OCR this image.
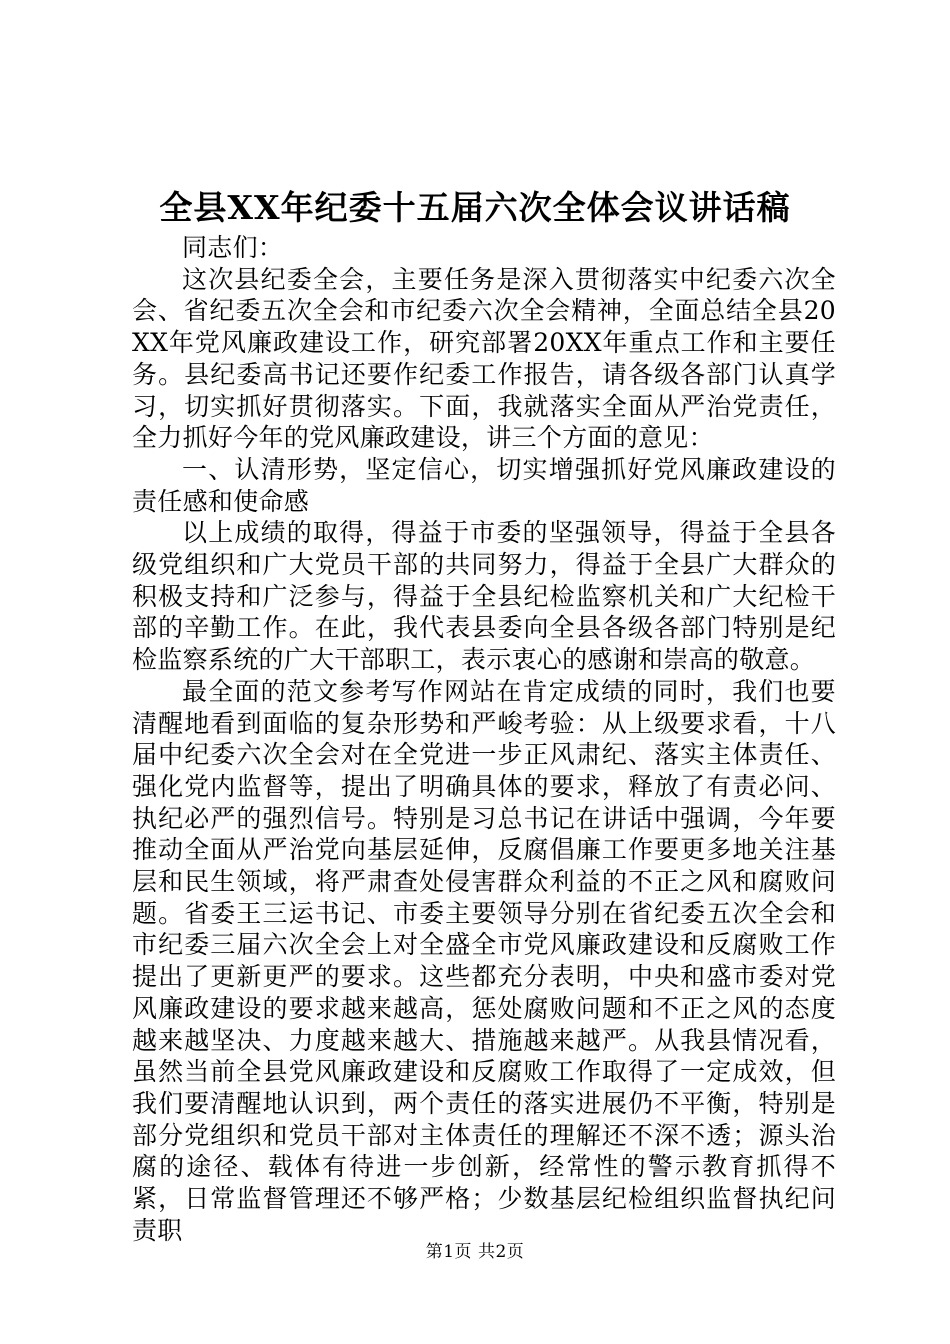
全县XX年纪委十五届六次全体会议讲话稿

同志们：

这次县纪委全会，主要任务是深入贯彻落实中纪委六次全会、省纪委五次全会和市纪委六次全会精神，全面总结全县20XX年党风廉政建设工作，研究部署20XX年重点工作和主要任务。县纪委高书记还要作纪委工作报告，请各级各部门认真学习，切实抓好贯彻落实。下面，我就落实全面从严治党责任，全力抓好今年的党风廉政建设，讲三个方面的意见：

一、认清形势，坚定信心，切实增强抓好党风廉政建设的责任感和使命感

以上成绩的取得，得益于市委的坚强领导，得益于全县各级党组织和广大党员干部的共同努力，得益于全县广大群众的积极支持和广泛参与，得益于全县纪检监察机关和广大纪检干部的辛勤工作。在此，我代表县委向全县各级各部门特别是纪检监察系统的广大干部职工，表示衷心的感谢和崇高的敬意。

最全面的范文参考写作网站在肯定成绩的同时，我们也要清醒地看到面临的复杂形势和严峻考验：从上级要求看，十八届中纪委六次全会对在全党进一步正风肃纪、落实主体责任、强化党内监督等，提出了明确具体的要求，释放了有责必问、执纪必严的强烈信号。特别是习总书记在讲话中强调，今年要推动全面从严治党向基层延伸，反腐倡廉工作要更多地关注基层和民生领域，将严肃查处侵害群众利益的不正之风和腐败问题。省委王三运书记、市委主要领导分别在省纪委五次全会和市纪委三届六次全会上对全盛全市党风廉政建设和反腐败工作提出了更新更严的要求。这些都充分表明，中央和盛市委对党风廉政建设的要求越来越高，惩处腐败问题和不正之风的态度越来越坚决、力度越来越大、措施越来越严。从我县情况看，虽然当前全县党风廉政建设和反腐败工作取得了一定成效，但我们要清醒地认识到，两个责任的落实进展仍不平衡，特别是部分党组织和党员干部对主体责任的理解还不深不透；源头治腐的途径、载体有待进一步创新，经常性的警示教育抓得不紧，日常监督管理还不够严格；少数基层纪检组织监督执纪问责职

第1页 共2页
